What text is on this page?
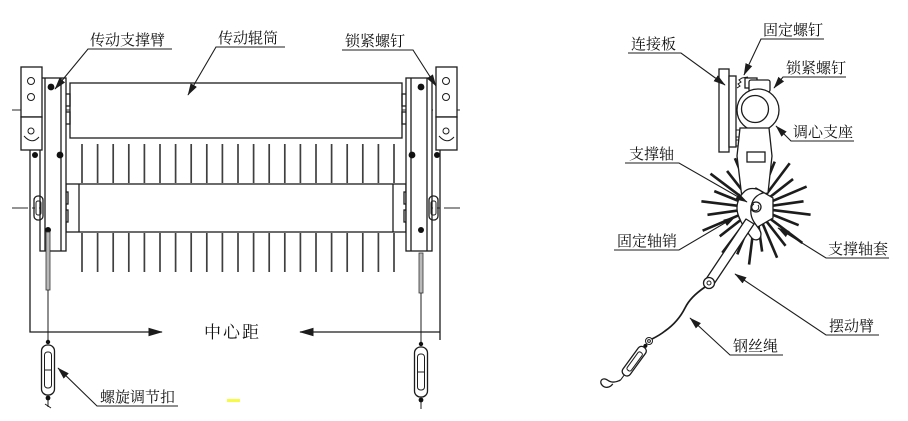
传动支撑臂	传动辊筒	锁紧螺钉
中心距
螺旋调节扣
连接板
固定螺钉
锁紧螺钉
调心支座
支撑轴
固定轴销	支撑轴套
摆动臂
钢丝绳
